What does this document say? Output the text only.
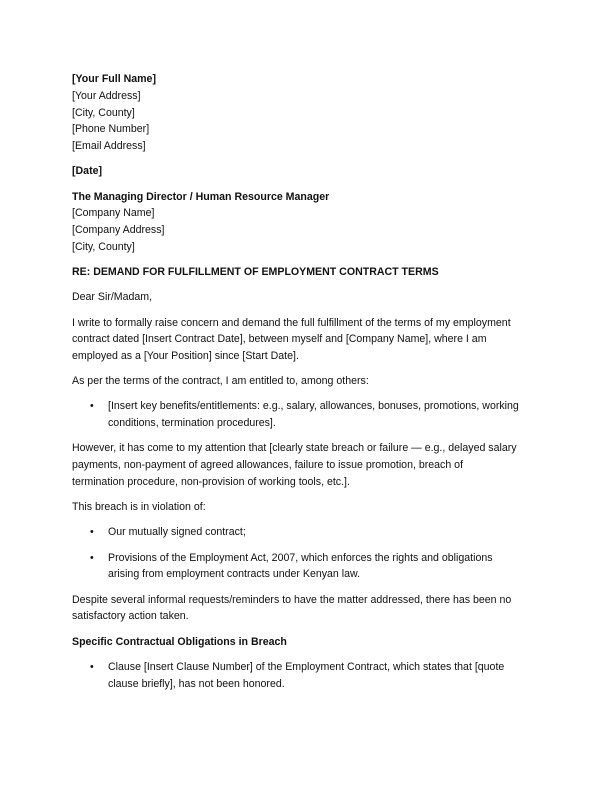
[Your Full Name]
[Your Address]
[City, County]
[Phone Number]
[Email Address]
[Date]
The Managing Director / Human Resource Manager
[Company Name]
[Company Address]
[City, County]

RE: DEMAND FOR FULFILLMENT OF EMPLOYMENT CONTRACT TERMS

Dear Sir/Madam,

I write to formally raise concern and demand the full fulfillment of the terms of my employment
contract dated [Insert Contract Date], between myself and [Company Name], where I am
employed as a [Your Position] since [Start Date].

As per the terms of the contract, I am entitled to, among others:

• [Insert key benefits/entitlements: e.g., salary, allowances, bonuses, promotions, working
conditions, termination procedures].

However, it has come to my attention that [clearly state breach or failure — e.g., delayed salary
payments, non-payment of agreed allowances, failure to issue promotion, breach of
termination procedure, non-provision of working tools, etc.].

This breach is in violation of:

• Our mutually signed contract;
• Provisions of the Employment Act, 2007, which enforces the rights and obligations
arising from employment contracts under Kenyan law.

Despite several informal requests/reminders to have the matter addressed, there has been no
satisfactory action taken.

Specific Contractual Obligations in Breach

• Clause [Insert Clause Number] of the Employment Contract, which states that [quote
clause briefly], has not been honored.
